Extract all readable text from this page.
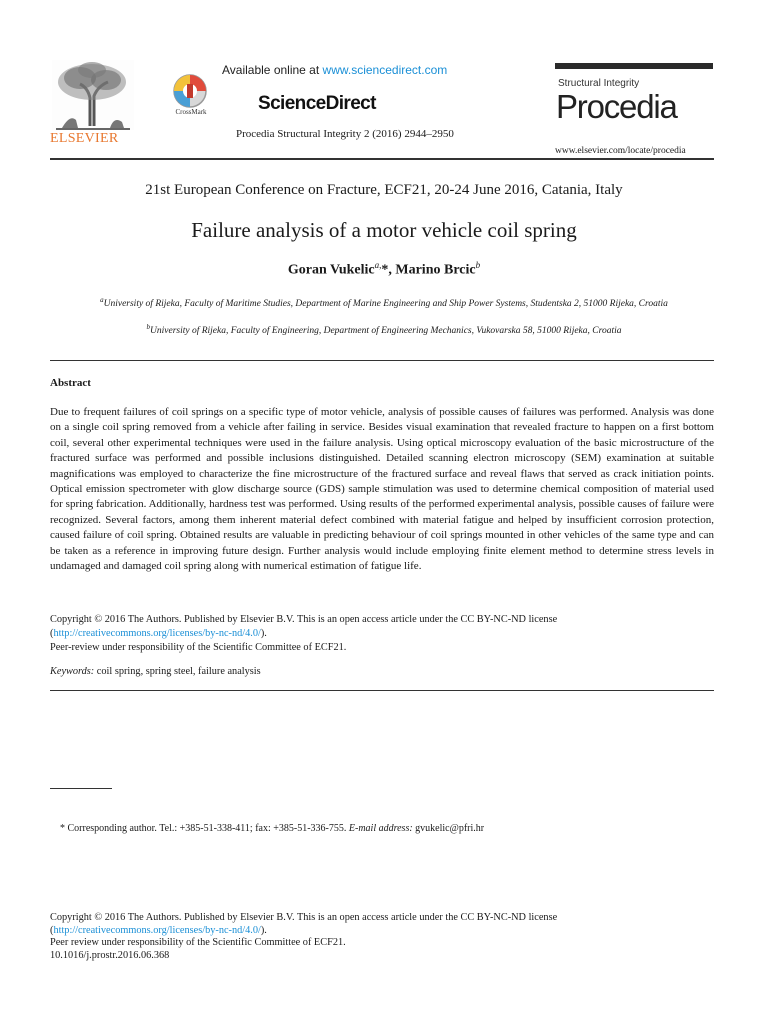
ELSEVIER
CrossMark
Available online at www.sciencedirect.com
ScienceDirect
Procedia Structural Integrity 2 (2016) 2944–2950
Structural Integrity
Procedia
www.elsevier.com/locate/procedia
21st European Conference on Fracture, ECF21, 20-24 June 2016, Catania, Italy
Failure analysis of a motor vehicle coil spring
Goran Vukelic$^{a,}$*, Marino Brcic$^b$
$^a$University of Rijeka, Faculty of Maritime Studies, Department of Marine Engineering and Ship Power Systems, Studentska 2, 51000 Rijeka, Croatia
$^b$University of Rijeka, Faculty of Engineering, Department of Engineering Mechanics, Vukovarska 58, 51000 Rijeka, Croatia
Abstract

Due to frequent failures of coil springs on a specific type of motor vehicle, analysis of possible causes of failures was performed. Analysis was done on a single coil spring removed from a vehicle after failing in service. Besides visual examination that revealed fracture to happen on a first bottom coil, several other experimental techniques were used in the failure analysis. Using optical microscopy evaluation of the basic microstructure of the fractured surface was performed and possible inclusions distinguished. Detailed scanning electron microscopy (SEM) examination at suitable magnifications was employed to characterize the fine microstructure of the fractured surface and reveal flaws that served as crack initiation points. Optical emission spectrometer with glow discharge source (GDS) sample stimulation was used to determine chemical composition of material used for spring fabrication. Additionally, hardness test was performed. Using results of the performed experimental analysis, possible causes of failure were recognized. Several factors, among them inherent material defect combined with material fatigue and helped by insufficient corrosion protection, caused failure of coil spring. Obtained results are valuable in predicting behaviour of coil springs mounted in other vehicles of the same type and can be taken as a reference in improving future design. Further analysis would include employing finite element method to determine stress levels in undamaged and damaged coil spring along with numerical estimation of fatigue life.

Copyright © 2016 The Authors. Published by Elsevier B.V. This is an open access article under the CC BY-NC-ND license
(http://creativecommons.org/licenses/by-nc-nd/4.0/).
Peer-review under responsibility of the Scientific Committee of ECF21.
Keywords: coil spring, spring steel, failure analysis
* Corresponding author. Tel.: +385-51-338-411; fax: +385-51-336-755. E-mail address: gvukelic@pfri.hr
Copyright © 2016 The Authors. Published by Elsevier B.V. This is an open access article under the CC BY-NC-ND license
(http://creativecommons.org/licenses/by-nc-nd/4.0/).
Peer review under responsibility of the Scientific Committee of ECF21.
10.1016/j.prostr.2016.06.368
